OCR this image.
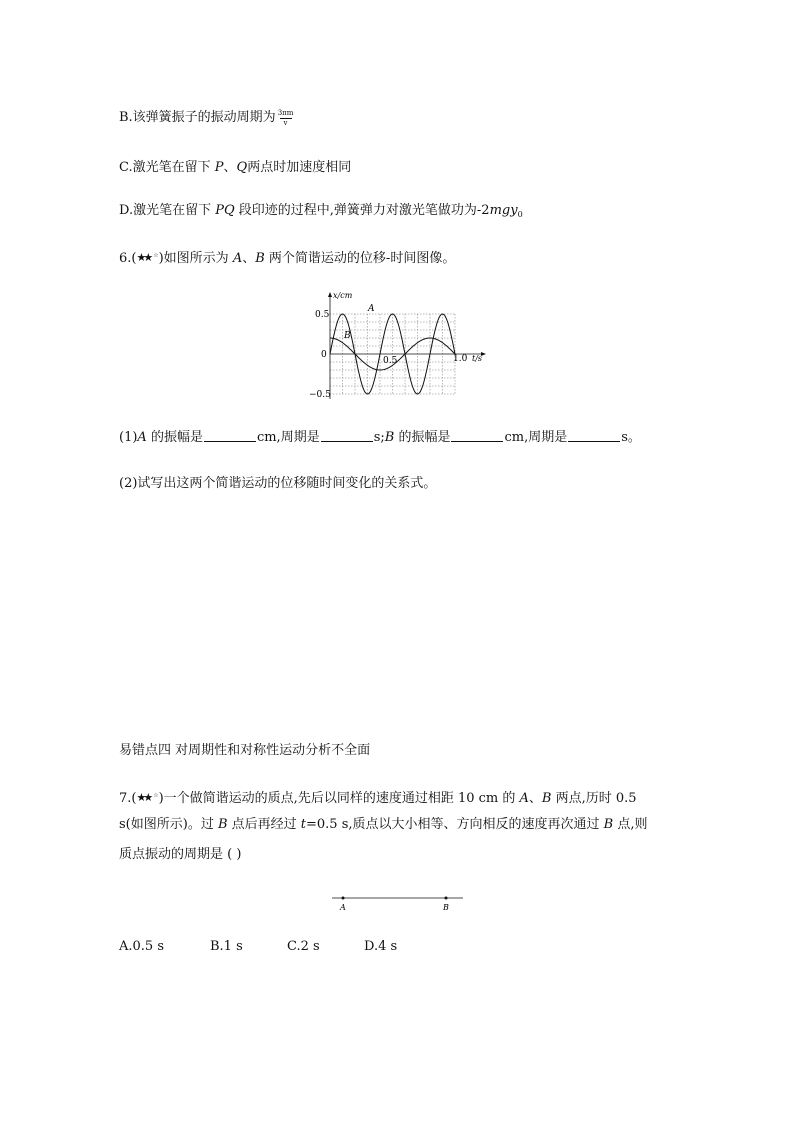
B.该弹簧振子的振动周期为 $\frac{3\pi m}{v}$
C.激光笔在留下 P、Q两点时加速度相同
D.激光笔在留下 PQ 段印迹的过程中,弹簧弹力对激光笔做功为-2mgy$_0$
6.(★★ ☆)如图所示为 A、B 两个简谐运动的位移-时间图像。
x/cm
t/s
0.5
0
−0.5
0.5	1.0
A
B
(1)A 的振幅是	cm,周期是	s;B 的振幅是	cm,周期是	s。
(2)试写出这两个简谐运动的位移随时间变化的关系式。
易错点四 对周期性和对称性运动分析不全面
7.(★★ ☆)一个做简谐运动的质点,先后以同样的速度通过相距 10 cm 的 A、B 两点,历时 0.5
s(如图所示)。过 B 点后再经过 t=0.5 s,质点以大小相等、方向相反的速度再次通过 B 点,则
质点振动的周期是 ( )
A	B
A.0.5 s	B.1 s	C.2 s	D.4 s
